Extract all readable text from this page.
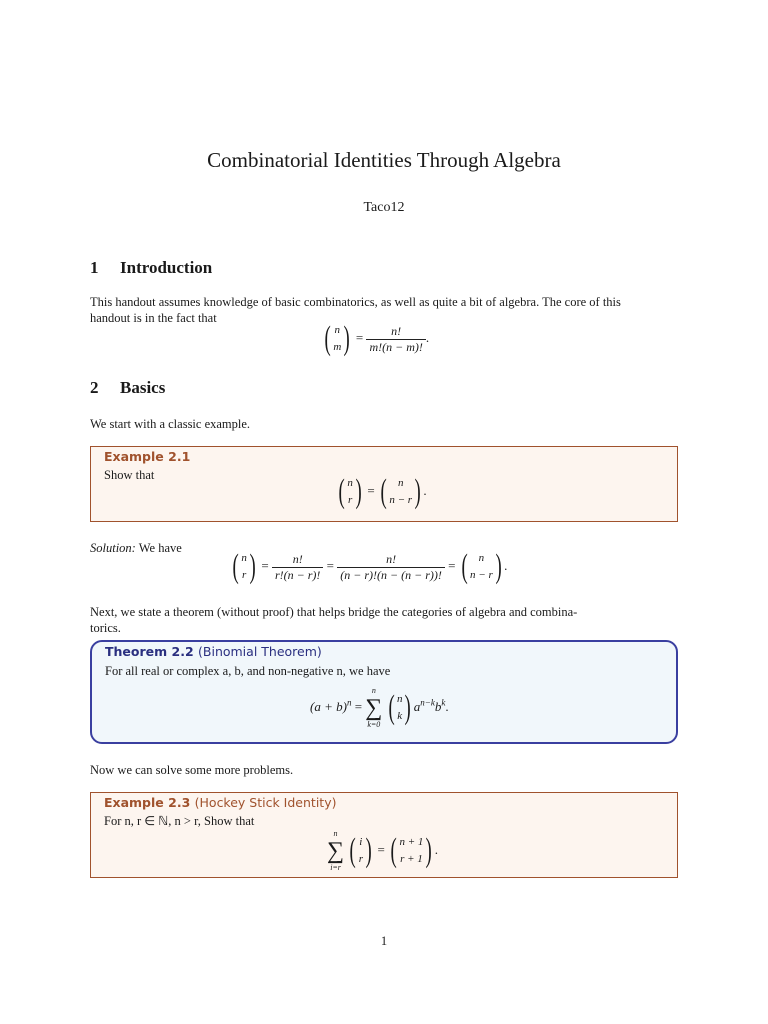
Combinatorial Identities Through Algebra
Taco12
1 Introduction
This handout assumes knowledge of basic combinatorics, as well as quite a bit of algebra. The core of this
handout is in the fact that
( n
m ) = $\frac{n!}{m!(n - m)!}$ .
2 Basics
We start with a classic example.
Example 2.1
Show that	( n
r ) = ( n
n − r ) .
Solution: We have ( n
r ) = $\frac{n!}{r!(n - r)!} = \frac{n!}{(n - r)!(n - (n - r))!}$ = ( n
n − r ) .
Next, we state a theorem (without proof) that helps bridge the categories of algebra and combina-
torics.
Theorem 2.2 (Binomial Theorem)
For all real or complex a, b, and non-negative n, we have
$(a + b)^n$ =
n
∑
k=0
( n
k ) $a^{n-k}b^k$.
Now we can solve some more problems.
Example 2.3 (Hockey Stick Identity)
For n, r ∈ ℕ, n > r, Show that
n
∑
i=r
( i
r ) = ( n + 1
r + 1 ) .
1
